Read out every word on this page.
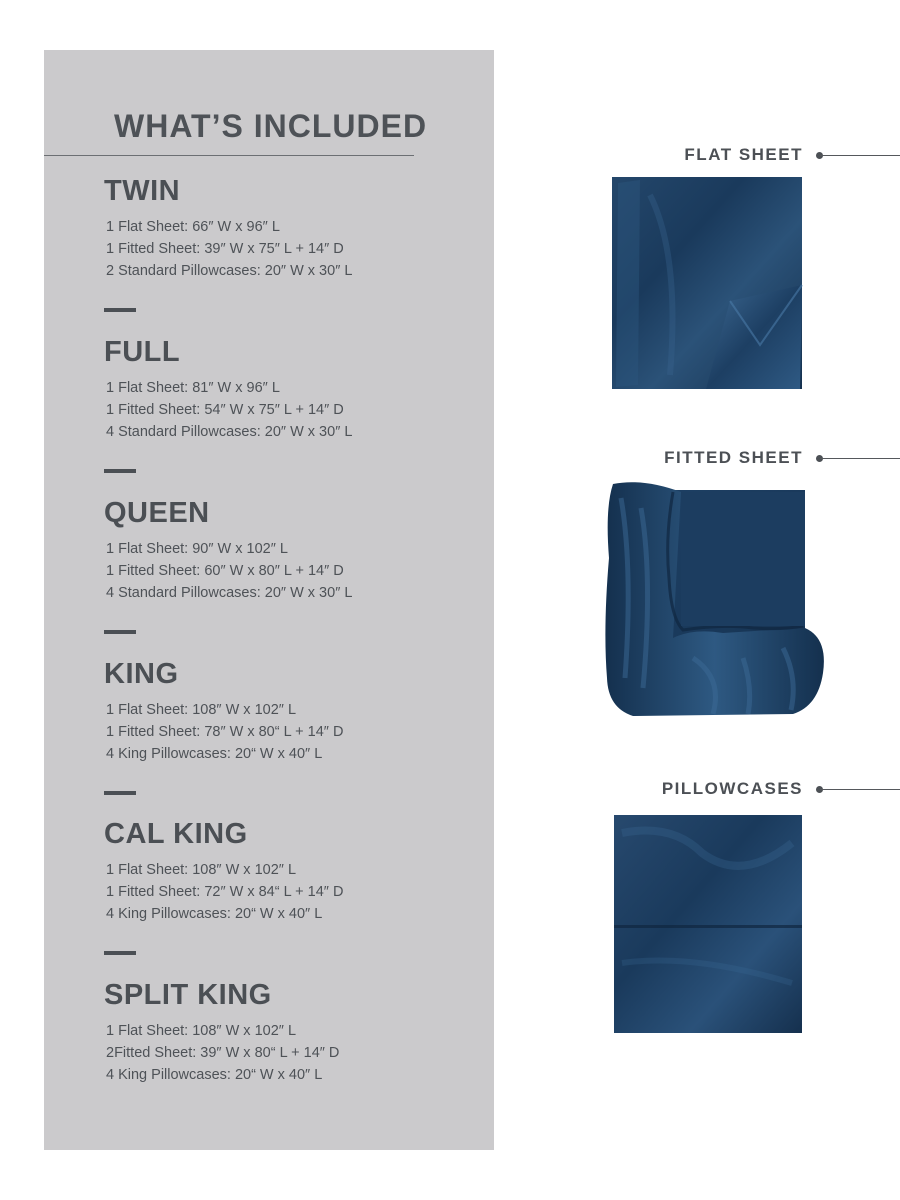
WHAT’S INCLUDED
TWIN

1 Flat Sheet: 66″ W x 96″ L

1 Fitted Sheet: 39″ W x 75″ L + 14″ D

2 Standard Pillowcases: 20″ W x 30″ L

FULL

1 Flat Sheet: 81″ W x 96″ L

1 Fitted Sheet: 54″ W x 75″ L + 14″ D

4 Standard Pillowcases: 20″ W x 30″ L

QUEEN

1 Flat Sheet: 90″ W x 102″ L

1 Fitted Sheet: 60″ W x 80″ L + 14″ D

4 Standard Pillowcases: 20″ W x 30″ L

KING

1 Flat Sheet: 108″ W x 102″ L

1 Fitted Sheet: 78″ W x 80“ L + 14″ D

4 King Pillowcases: 20“ W x 40″ L

CAL KING

1 Flat Sheet: 108″ W x 102″ L

1 Fitted Sheet: 72″ W x 84“ L + 14″ D

4 King Pillowcases: 20“ W x 40″ L

SPLIT KING

1 Flat Sheet: 108″ W x 102″ L

2Fitted Sheet: 39″ W x 80“ L + 14″ D

4 King Pillowcases: 20“ W x 40″ L

FLAT SHEET
FITTED SHEET
PILLOWCASES
